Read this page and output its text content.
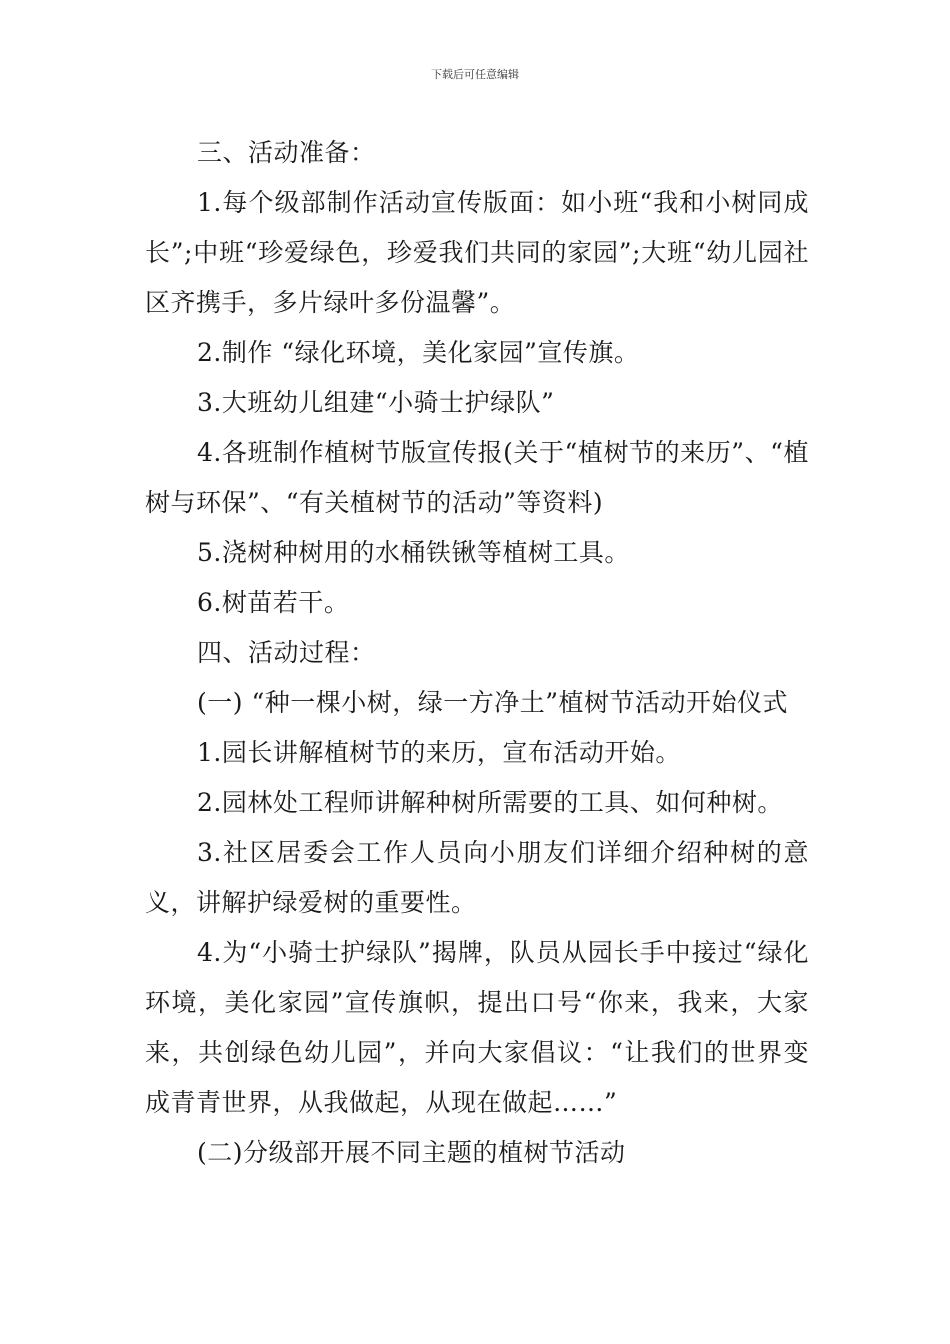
下载后可任意编辑

三、活动准备：

1.每个级部制作活动宣传版面：如小班“我和小树同成长”;中班“珍爱绿色，珍爱我们共同的家园”;大班“幼儿园社区齐携手，多片绿叶多份温馨”。

2.制作 “绿化环境，美化家园”宣传旗。

3.大班幼儿组建“小骑士护绿队”

4.各班制作植树节版宣传报(关于“植树节的来历”、“植树与环保”、“有关植树节的活动”等资料)

5.浇树种树用的水桶铁锹等植树工具。

6.树苗若干。

四、活动过程：

(一) “种一棵小树，绿一方净土”植树节活动开始仪式

1.园长讲解植树节的来历，宣布活动开始。

2.园林处工程师讲解种树所需要的工具、如何种树。

3.社区居委会工作人员向小朋友们详细介绍种树的意义，讲解护绿爱树的重要性。

4.为“小骑士护绿队”揭牌，队员从园长手中接过“绿化环境，美化家园”宣传旗帜，提出口号“你来，我来，大家来，共创绿色幼儿园”，并向大家倡议：“让我们的世界变成青青世界，从我做起，从现在做起……”

(二)分级部开展不同主题的植树节活动
